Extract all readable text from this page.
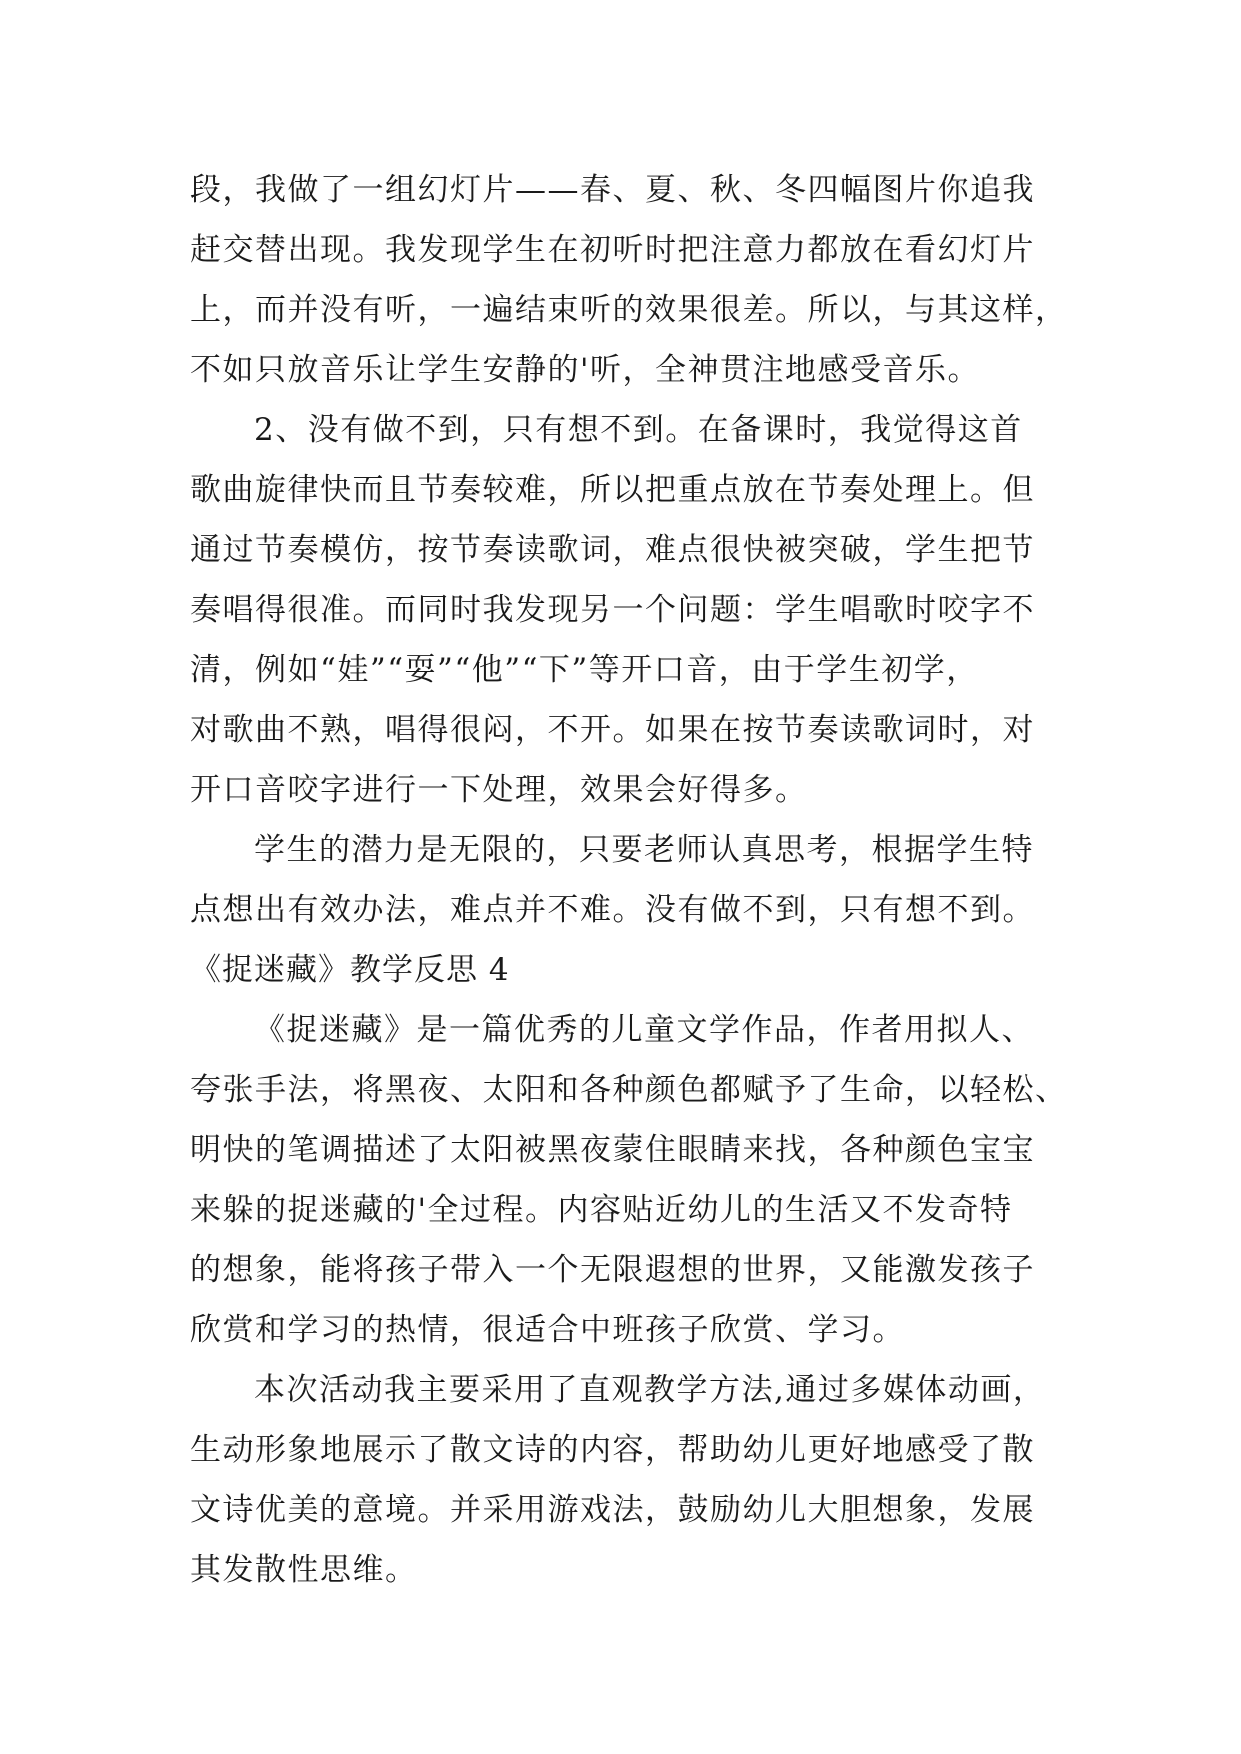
段，我做了一组幻灯片——春、夏、秋、冬四幅图片你追我
赶交替出现。我发现学生在初听时把注意力都放在看幻灯片
上，而并没有听，一遍结束听的效果很差。所以，与其这样，
不如只放音乐让学生安静的'听，全神贯注地感受音乐。
2、没有做不到，只有想不到。在备课时，我觉得这首
歌曲旋律快而且节奏较难，所以把重点放在节奏处理上。但
通过节奏模仿，按节奏读歌词，难点很快被突破，学生把节
奏唱得很准。而同时我发现另一个问题：学生唱歌时咬字不
清，例如“娃”“耍”“他”“下”等开口音，由于学生初学，
对歌曲不熟，唱得很闷，不开。如果在按节奏读歌词时，对
开口音咬字进行一下处理，效果会好得多。
学生的潜力是无限的，只要老师认真思考，根据学生特
点想出有效办法，难点并不难。没有做不到，只有想不到。
《捉迷藏》教学反思 4
《捉迷藏》是一篇优秀的儿童文学作品，作者用拟人、
夸张手法，将黑夜、太阳和各种颜色都赋予了生命，以轻松、
明快的笔调描述了太阳被黑夜蒙住眼睛来找，各种颜色宝宝
来躲的捉迷藏的'全过程。内容贴近幼儿的生活又不发奇特
的想象，能将孩子带入一个无限遐想的世界，又能激发孩子
欣赏和学习的热情，很适合中班孩子欣赏、学习。
本次活动我主要采用了直观教学方法,通过多媒体动画，
生动形象地展示了散文诗的内容，帮助幼儿更好地感受了散
文诗优美的意境。并采用游戏法，鼓励幼儿大胆想象，发展
其发散性思维。
